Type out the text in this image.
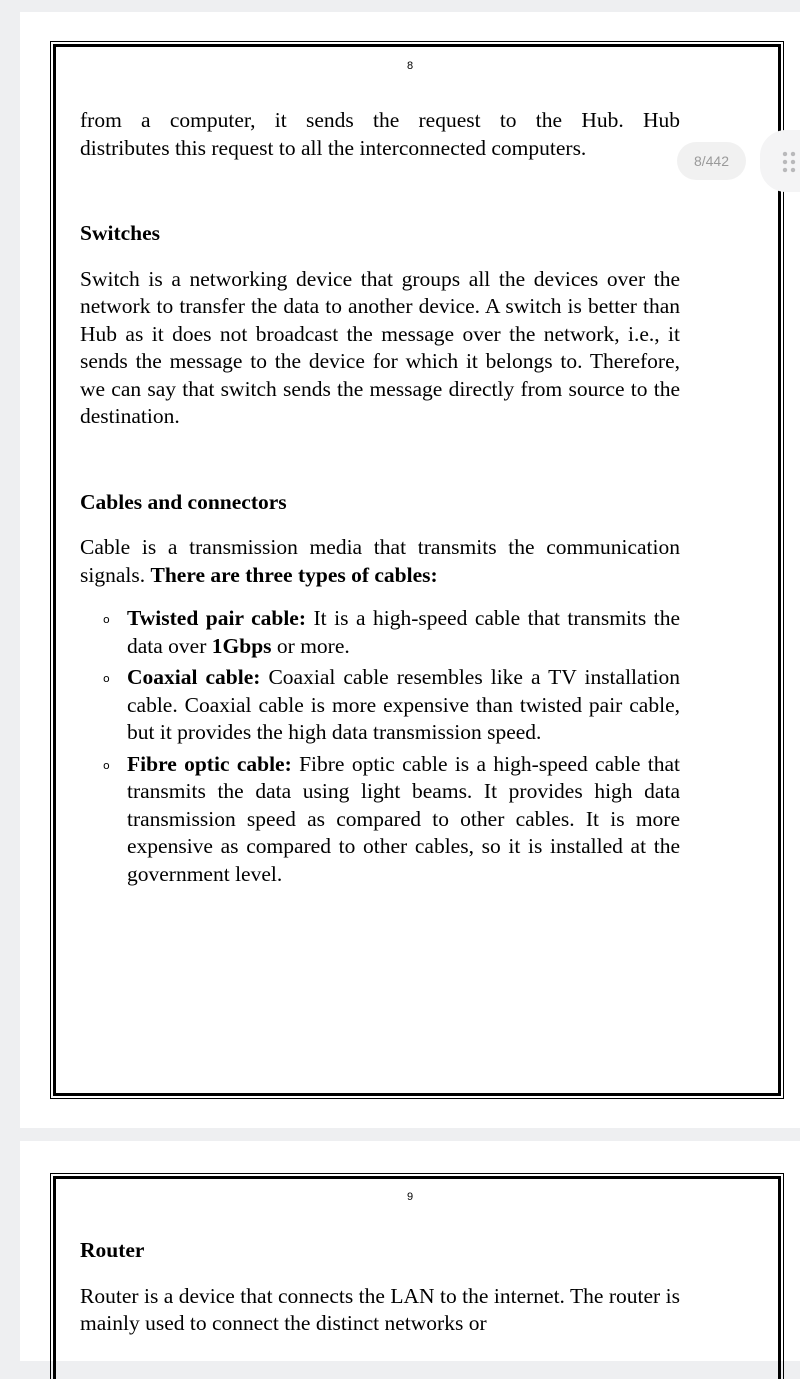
8

from a computer, it sends the request to the Hub. Hub

distributes this request to all the interconnected computers.

Switches

Switch is a networking device that groups all the devices over the network to transfer the data to another device. A switch is better than Hub as it does not broadcast the message over the network, i.e., it sends the message to the device for which it belongs to. Therefore, we can say that switch sends the message directly from source to the destination.

Cables and connectors

Cable is a transmission media that transmits the communication signals. There are three types of cables:

o Twisted pair cable: It is a high-speed cable that transmits the data over 1Gbps or more.
o Coaxial cable: Coaxial cable resembles like a TV installation cable. Coaxial cable is more expensive than twisted pair cable, but it provides the high data transmission speed.
o Fibre optic cable: Fibre optic cable is a high-speed cable that transmits the data using light beams. It provides high data transmission speed as compared to other cables. It is more expensive as compared to other cables, so it is installed at the government level.
9

Router

Router is a device that connects the LAN to the internet. The router is mainly used to connect the distinct networks or

8/442
